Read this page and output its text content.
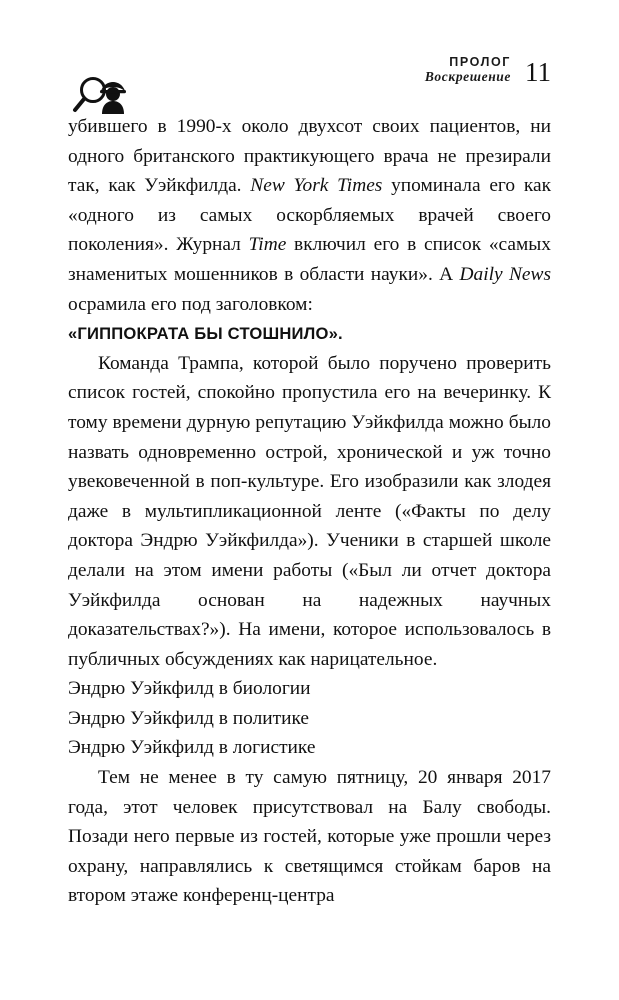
ПРОЛОГ
Воскрешение 11

убившего в 1990-х около двухсот своих пациентов, ни одного британского практикующего врача не презирали так, как Уэйкфилда. New York Times упоминала его как «одного из самых оскорбляемых врачей своего поколения». Журнал Time включил его в список «самых знаменитых мошенников в области науки». А Daily News осрамила его под заголовком:

«ГИППОКРАТА БЫ СТОШНИЛО».

Команда Трампа, которой было поручено проверить список гостей, спокойно пропустила его на вечеринку. К тому времени дурную репутацию Уэйкфилда можно было назвать одновременно острой, хронической и уж точно увековеченной в поп-культуре. Его изобразили как злодея даже в мультипликационной ленте («Факты по делу доктора Эндрю Уэйкфилда»). Ученики в старшей школе делали на этом имени работы («Был ли отчет доктора Уэйкфилда основан на надежных научных доказательствах?»). На имени, которое использовалось в публичных обсуждениях как нарицательное.

Эндрю Уэйкфилд в биологии

Эндрю Уэйкфилд в политике

Эндрю Уэйкфилд в логистике

Тем не менее в ту самую пятницу, 20 января 2017 года, этот человек присутствовал на Балу свободы. Позади него первые из гостей, которые уже прошли через охрану, направлялись к светящимся стойкам баров на втором этаже конференц-центра
